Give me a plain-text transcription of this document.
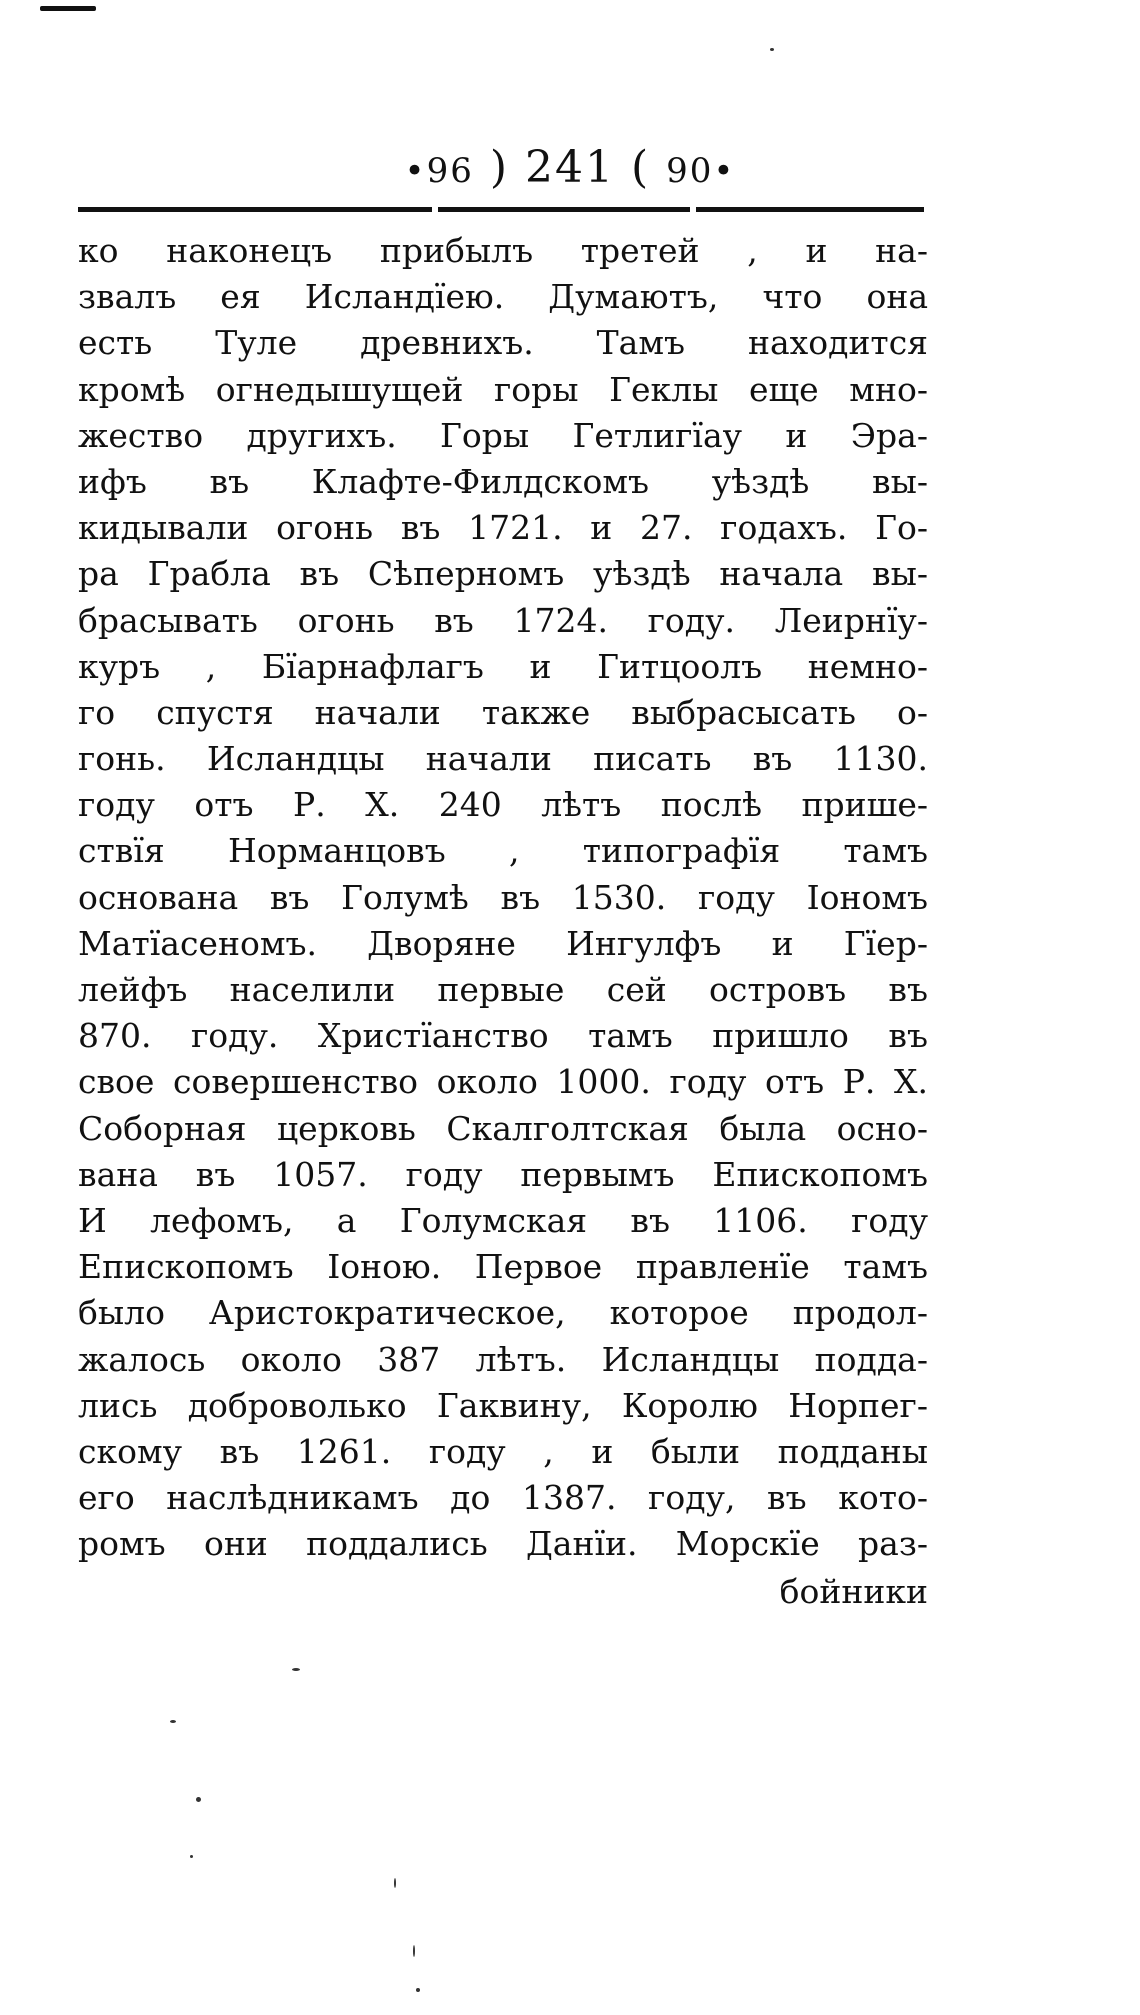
•96 ) 241 ( 90•
ко наконецъ прибылъ третей , и на-
звалъ ея Исландïею. Думаютъ, что она
есть Туле древнихъ. Тамъ находится
кромѣ огнедышущей горы Геклы еще мно-
жество другихъ. Горы Гетлигïау и Эра-
ифъ въ Клафте-Филдскомъ уѣздѣ вы-
кидывали огонь въ 1721. и 27. годахъ. Го-
ра Грабла въ Сѣперномъ уѣздѣ начала вы-
брасывать огонь въ 1724. году. Леирнïу-
куръ , Бïарнафлагъ и Гитцоолъ немно-
го спустя начали также выбрасысать о-
гонь. Исландцы начали писать въ 1130.
году отъ Р. Х. 240 лѣтъ послѣ прише-
ствïя Норманцовъ , типографïя тамъ
основана въ Голумѣ въ 1530. году Іономъ
Матïасеномъ. Дворяне Ингулфъ и Гïер-
лейфъ населили первые сей островъ въ
870. году. Христïанство тамъ пришло въ
свое совершенство около 1000. году отъ Р. Х.
Соборная церковь Скалголтская была осно-
вана въ 1057. году первымъ Епископомъ
И лефомъ, а Голумская въ 1106. году
Епископомъ Іоною. Первое правленïе тамъ
было Аристократическое, которое продол-
жалось около 387 лѣтъ. Исландцы подда-
лись доброволько Гаквину, Королю Норпег-
скому въ 1261. году , и были подданы
его наслѣдникамъ до 1387. году, въ кото-
ромъ они поддались Данïи. Морскïе раз-
бойники
